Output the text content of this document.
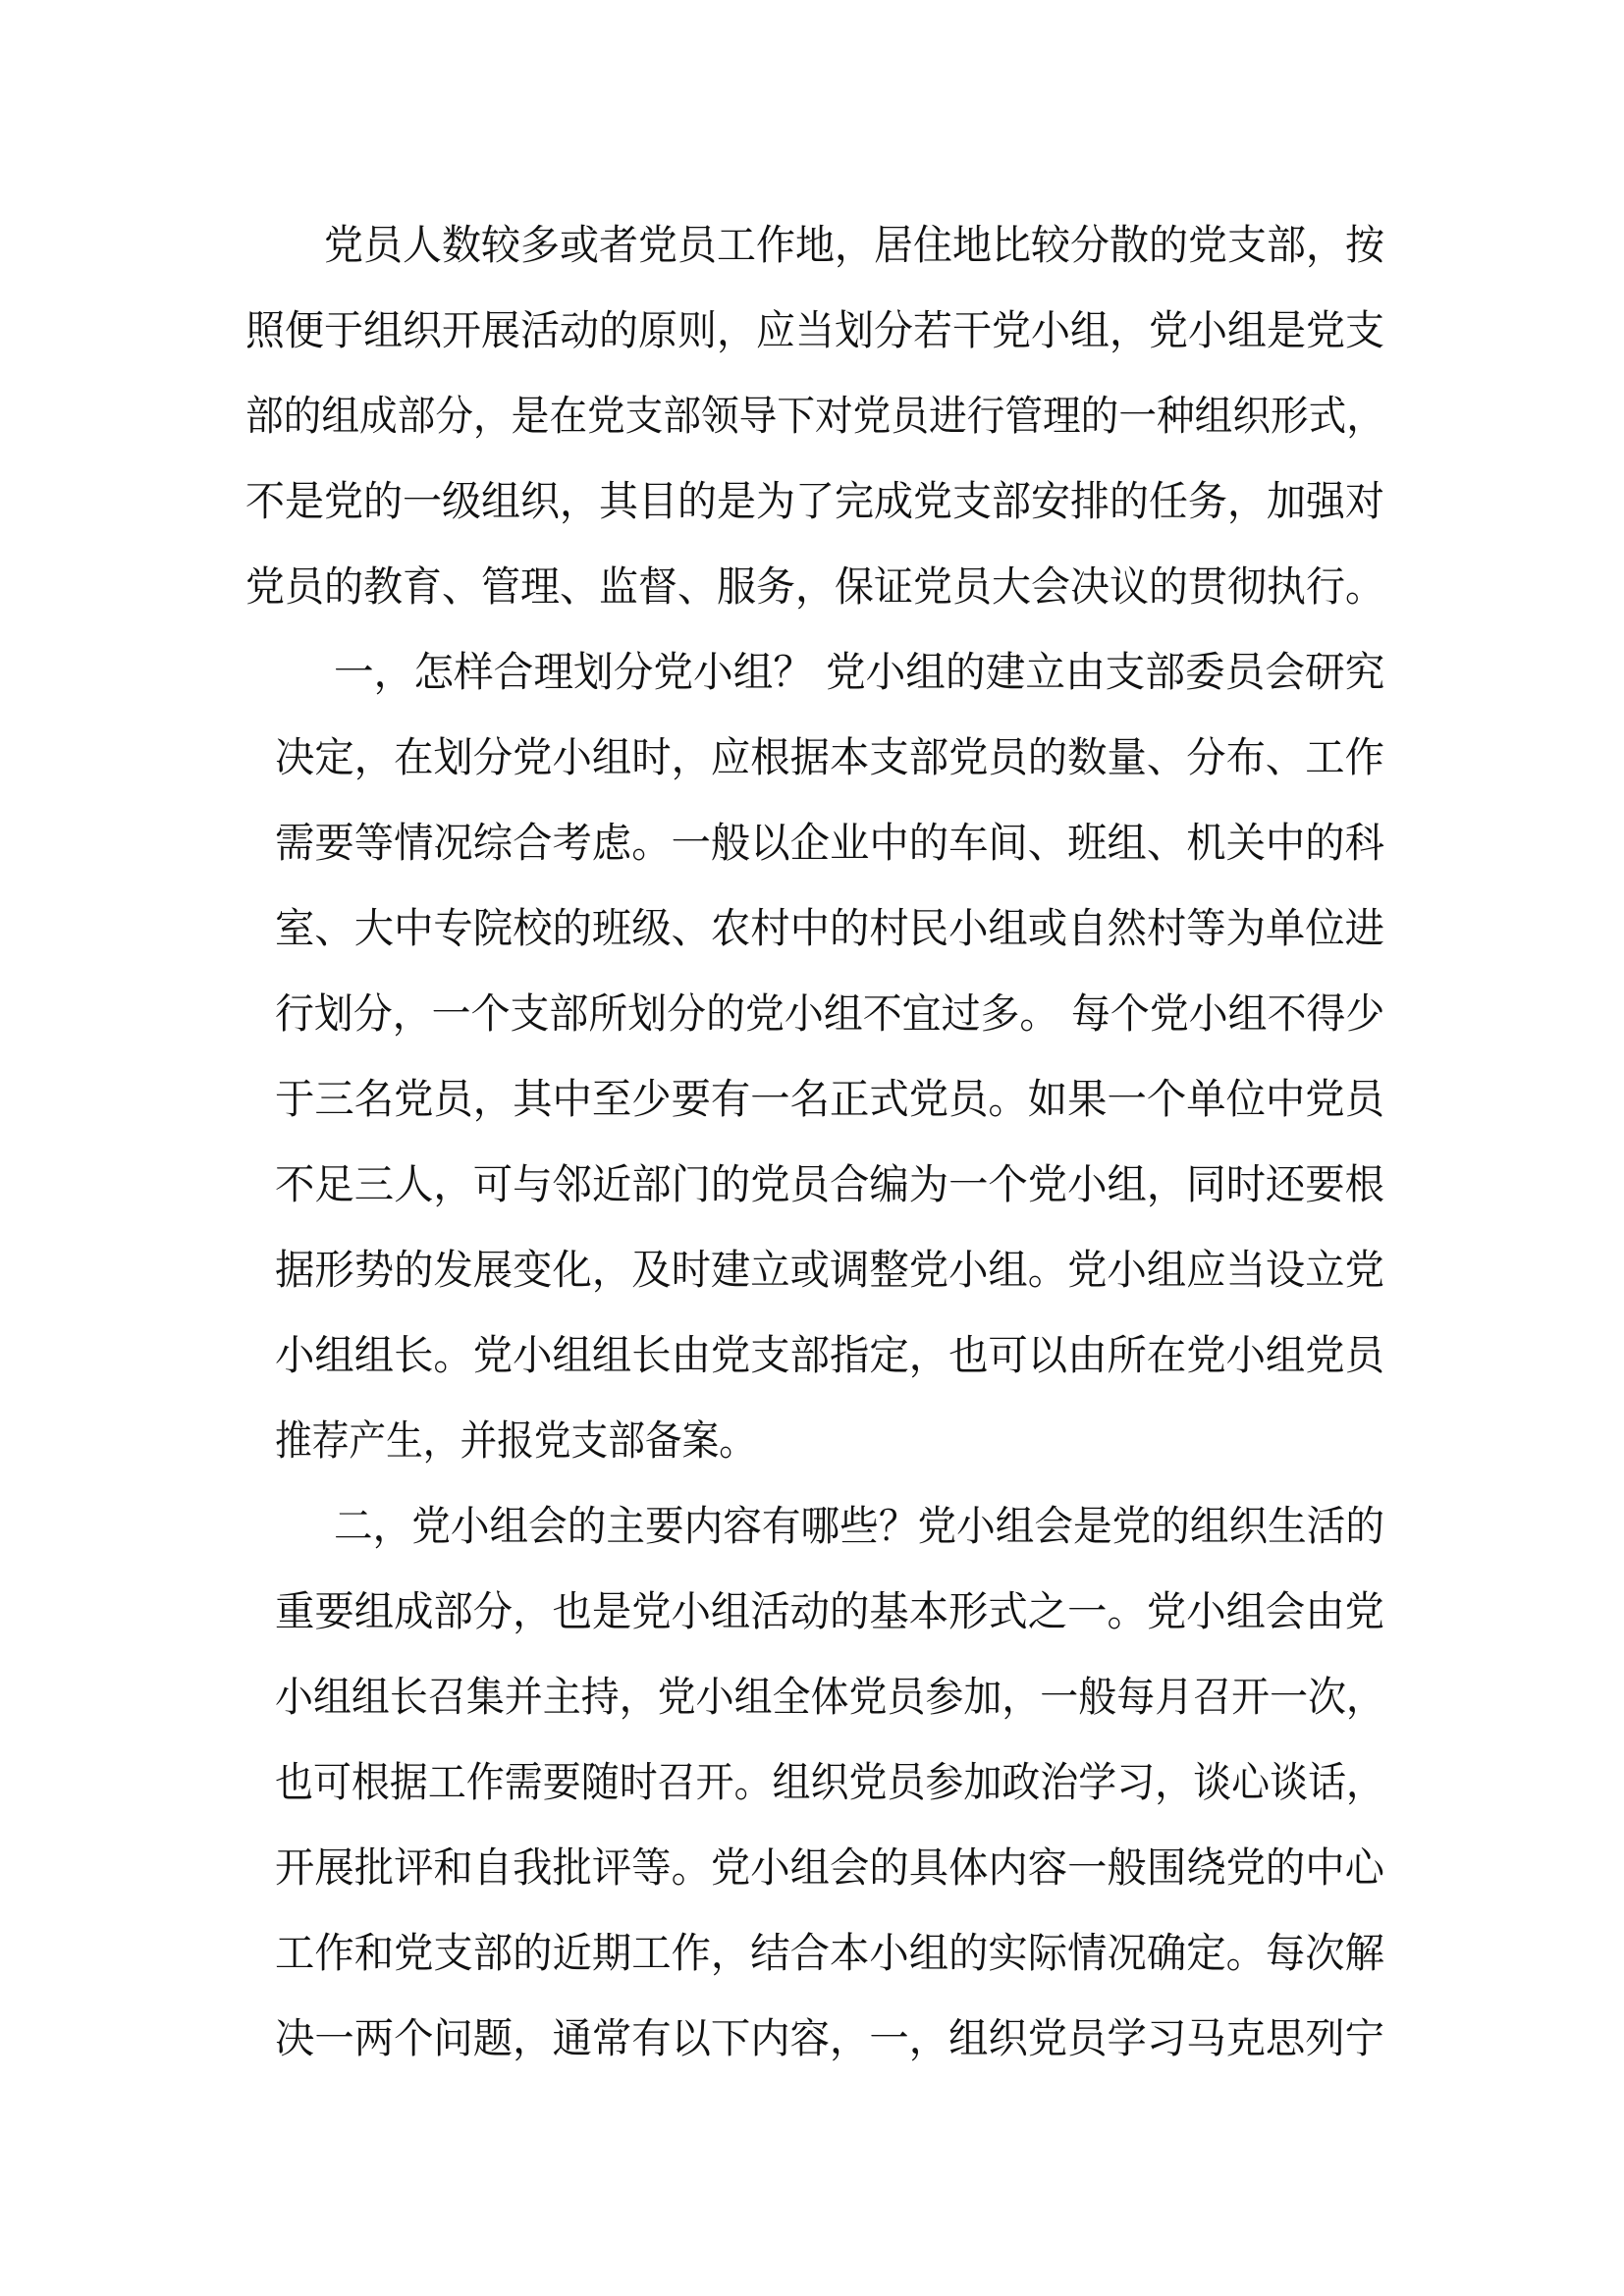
党员人数较多或者党员工作地，居住地比较分散的党支部，按

照便于组织开展活动的原则，应当划分若干党小组，党小组是党支

部的组成部分，是在党支部领导下对党员进行管理的一种组织形式，

不是党的一级组织，其目的是为了完成党支部安排的任务，加强对

党员的教育、管理、监督、服务，保证党员大会决议的贯彻执行。

一，怎样合理划分党小组？ 党小组的建立由支部委员会研究

决定，在划分党小组时，应根据本支部党员的数量、分布、工作

需要等情况综合考虑。一般以企业中的车间、班组、机关中的科

室、大中专院校的班级、农村中的村民小组或自然村等为单位进

行划分，一个支部所划分的党小组不宜过多。 每个党小组不得少

于三名党员，其中至少要有一名正式党员。如果一个单位中党员

不足三人，可与邻近部门的党员合编为一个党小组，同时还要根

据形势的发展变化，及时建立或调整党小组。党小组应当设立党

小组组长。党小组组长由党支部指定，也可以由所在党小组党员

推荐产生，并报党支部备案。

二，党小组会的主要内容有哪些？党小组会是党的组织生活的

重要组成部分，也是党小组活动的基本形式之一。党小组会由党

小组组长召集并主持，党小组全体党员参加，一般每月召开一次，

也可根据工作需要随时召开。组织党员参加政治学习，谈心谈话，

开展批评和自我批评等。党小组会的具体内容一般围绕党的中心

工作和党支部的近期工作，结合本小组的实际情况确定。每次解

决一两个问题，通常有以下内容，一，组织党员学习马克思列宁
